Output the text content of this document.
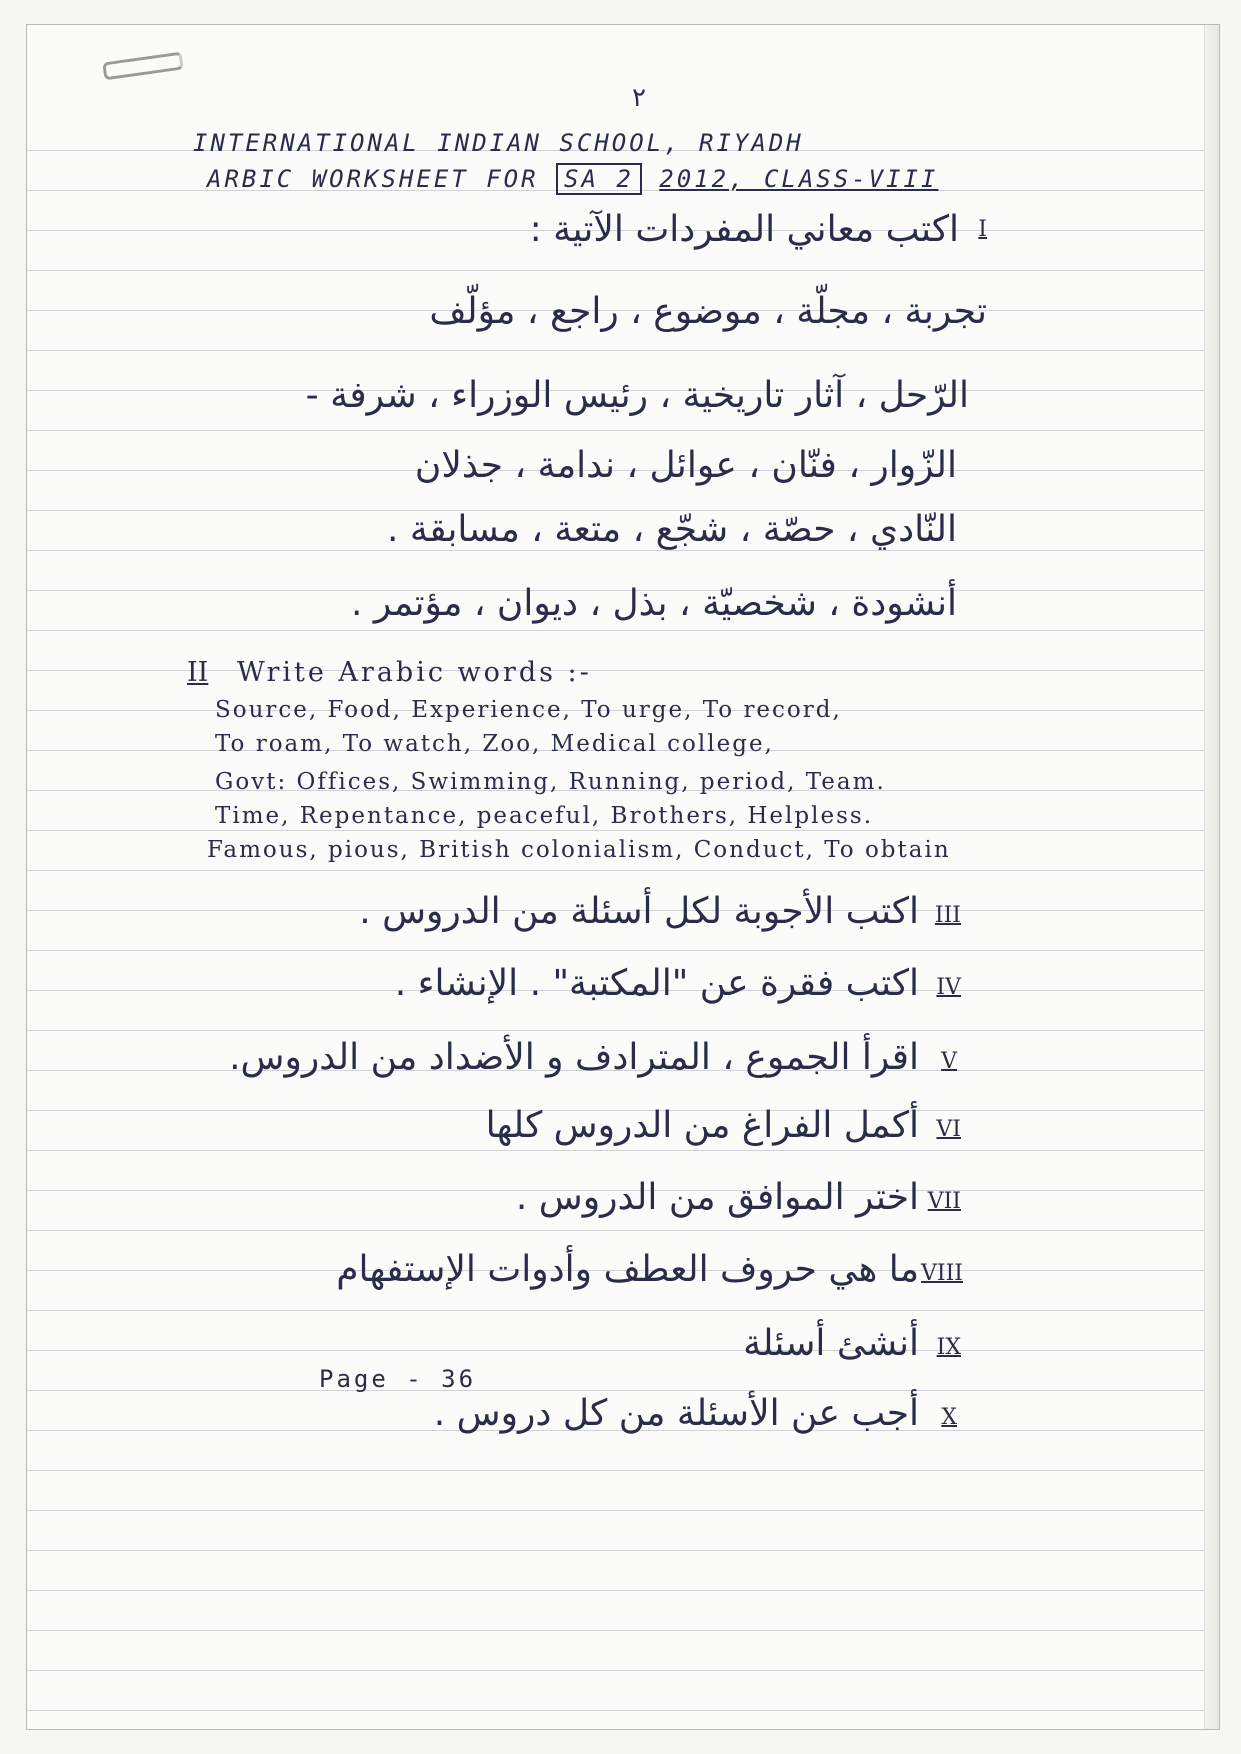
٢
INTERNATIONAL INDIAN SCHOOL, RIYADH
ARBIC WORKSHEET FOR SA 2 2012, CLASS-VIII
I
اكتب معاني المفردات الآتية :
تجربة ، مجلّة ، موضوع ، راجع ، مؤلّف
الرّحل ، آثار تاريخية ، رئيس الوزراء ، شرفة -
الزّوار ، فنّان ، عوائل ، ندامة ، جذلان
النّادي ، حصّة ، شجّع ، متعة ، مسابقة .
أنشودة ، شخصيّة ، بذل ، ديوان ، مؤتمر .
II Write Arabic words :-
Source, Food, Experience, To urge, To record,
To roam, To watch, Zoo, Medical college,
Govt: Offices, Swimming, Running, period, Team.
Time, Repentance, peaceful, Brothers, Helpless.
Famous, pious, British colonialism, Conduct, To obtain
III
اكتب الأجوبة لكل أسئلة من الدروس .
IV
اكتب فقرة عن "المكتبة" . الإنشاء .
V
اقرأ الجموع ، المترادف و الأضداد من الدروس.
VI
أكمل الفراغ من الدروس كلها
VII
اختر الموافق من الدروس .
VIII
ما هي حروف العطف وأدوات الإستفهام
IX
أنشئ أسئلة
Page - 36
X
أجب عن الأسئلة من كل دروس .
